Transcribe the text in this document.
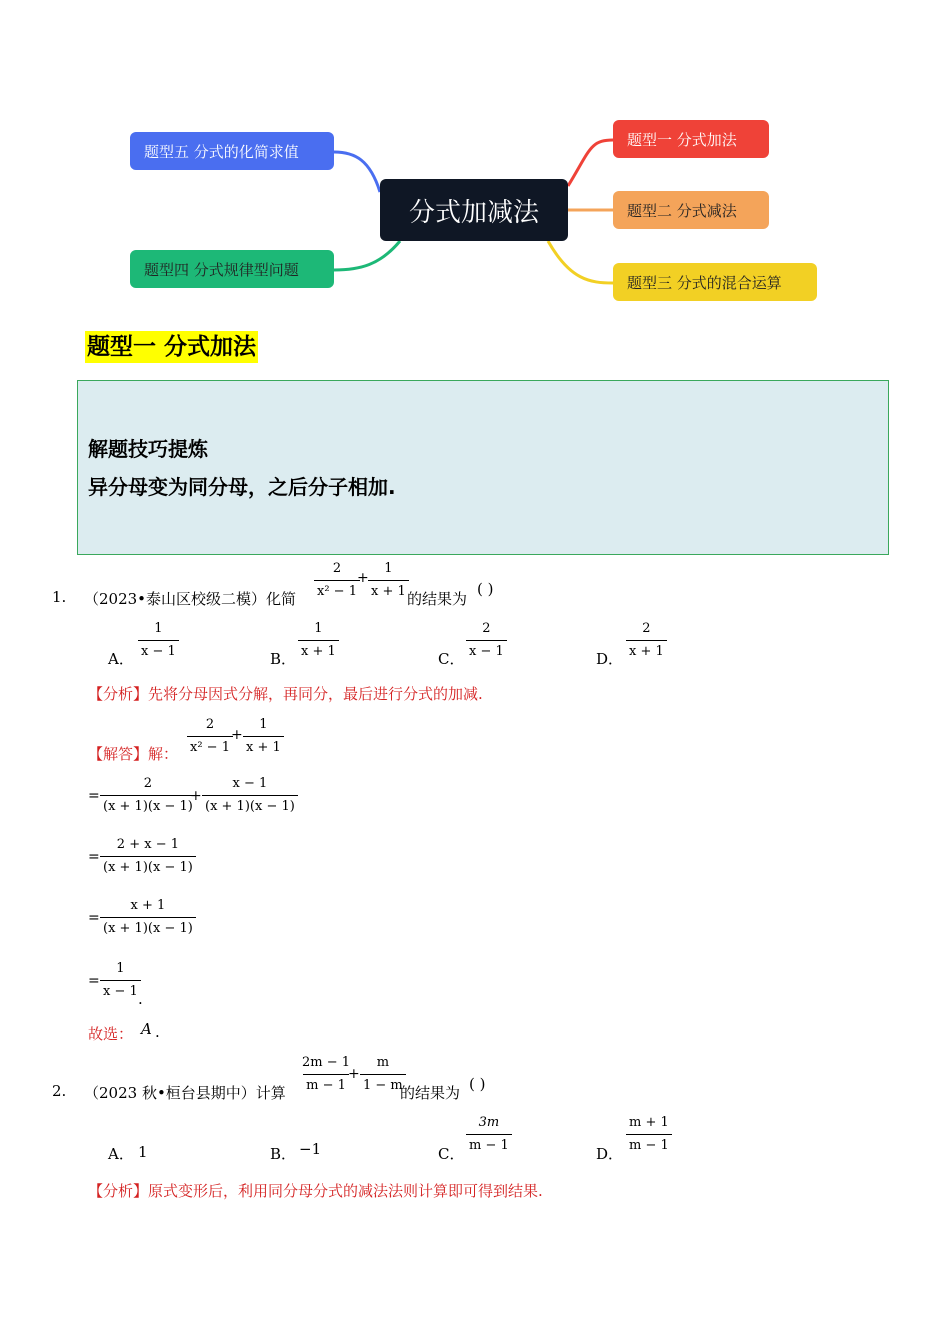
分式加减法
题型一 分式加法
题型二 分式减法
题型三 分式的混合运算
题型五 分式的化简求值
题型四 分式规律型问题
题型一 分式加法
解题技巧提炼
异分母变为同分母，之后分子相加.
1. （2023•泰山区校级二模）化简 $\frac{2}{\text{x² − 1}}$
+ $\frac{1}{x + 1}$
的结果为
( )
A． $\frac{1}{x - 1}$	B． $\frac{1}{x + 1}$	C． $\frac{2}{x - 1}$	D． $\frac{2}{x + 1}$
【分析】先将分母因式分解，再同分，最后进行分式的加减.
【解答】解： $\frac{2}{\text{x² − 1}}$
+ $\frac{1}{x + 1}$
= $\frac{2}{(x + 1)(x - 1)}$
+ $\frac{x - 1}{(x + 1)(x - 1)}$
= $\frac{2 + x - 1}{(x + 1)(x - 1)}$
= $\frac{x + 1}{(x + 1)(x - 1)}$
= $\frac{1}{x - 1}$
.
故选： A .
2. （2023 秋•桓台县期中）计算 $\frac{2m - 1}{m - 1}$
+ $\frac{m}{1 - m}$
的结果为 ( )
A． 1	B． −1	C． $\frac{3m}{m - 1}$	D． $\frac{m + 1}{m - 1}$
【分析】原式变形后，利用同分母分式的减法法则计算即可得到结果.
